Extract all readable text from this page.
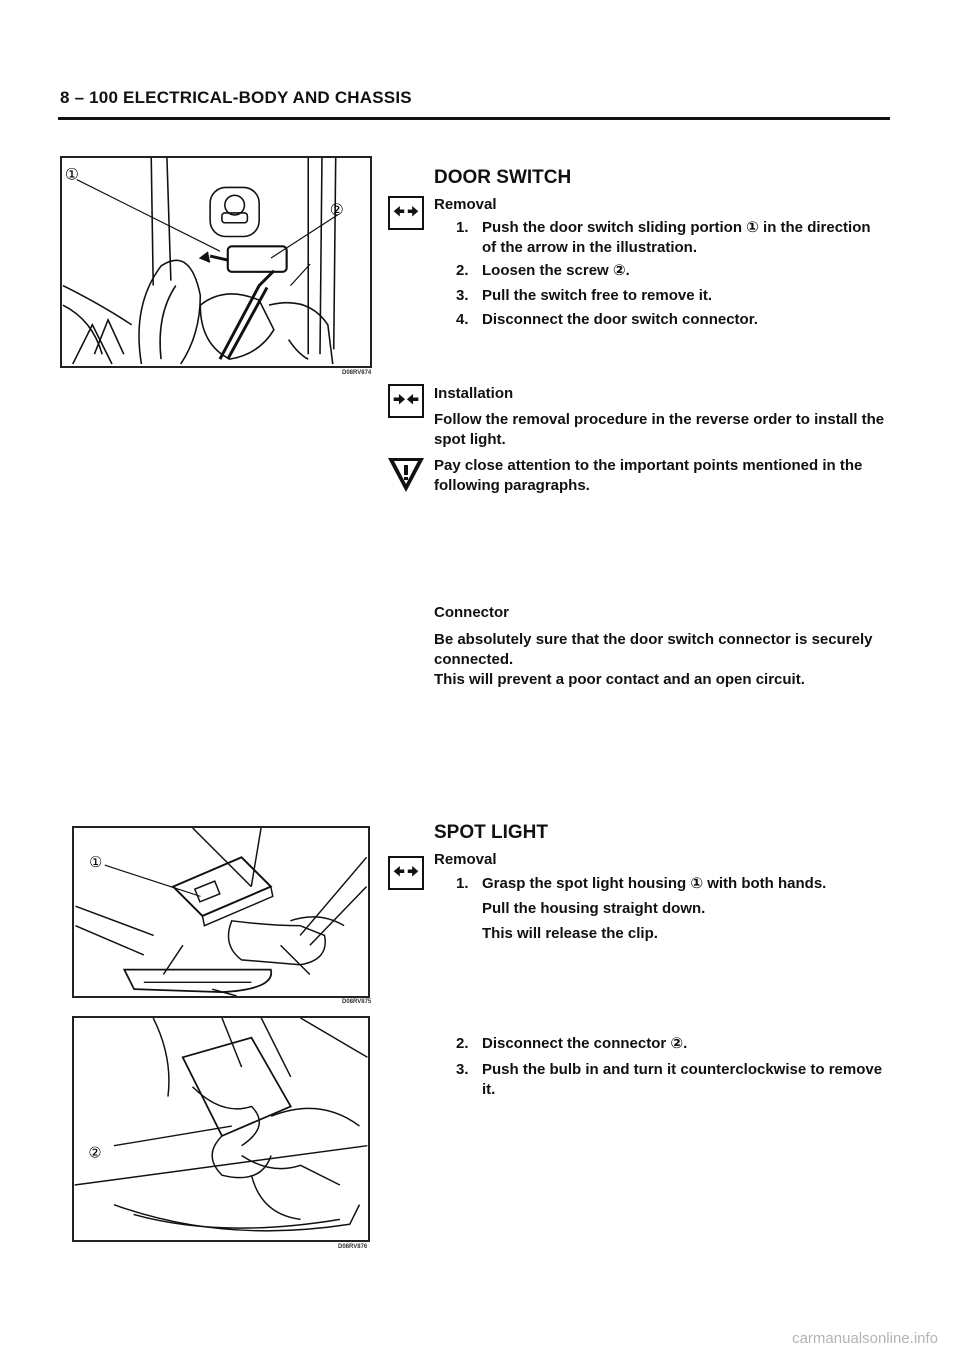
8 – 100 ELECTRICAL-BODY AND CHASSIS
①
②
D08RV874
DOOR SWITCH
Removal
1. Push the door switch sliding portion ① in the direction of the arrow in the illustration.
2. Loosen the screw ②.
3. Pull the switch free to remove it.
4. Disconnect the door switch connector.
Installation
Follow the removal procedure in the reverse order to install the spot light.
Pay close attention to the important points mentioned in the following paragraphs.
Connector
Be absolutely sure that the door switch connector is securely connected.
This will prevent a poor contact and an open circuit.
①
D08RV875
②
D08RV876
SPOT LIGHT
Removal
1. Grasp the spot light housing ① with both hands.
Pull the housing straight down.
This will release the clip.
2. Disconnect the connector ②.
3. Push the bulb in and turn it counterclockwise to remove it.
carmanualsonline.info
